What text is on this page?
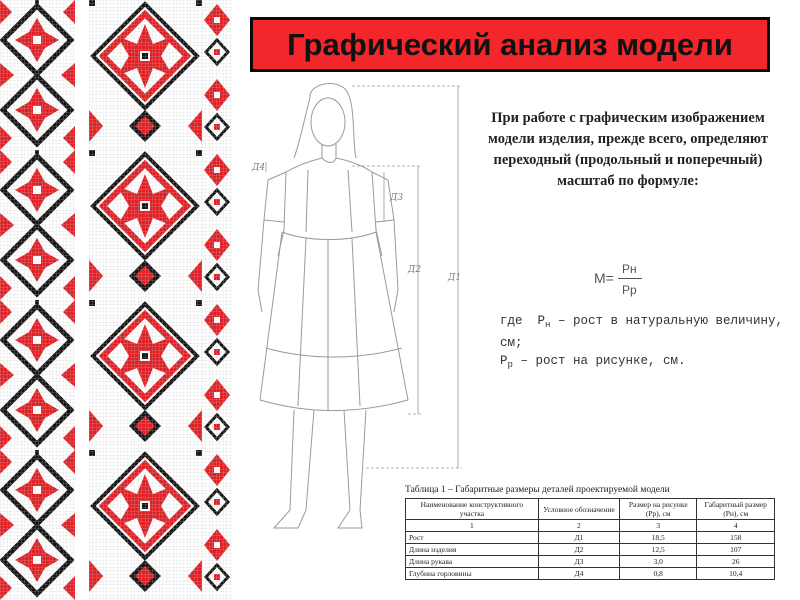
Графический анализ модели
Д1
Д2
Д3
Д4
При работе с графическим изображением модели изделия, прежде всего, определяют переходный (продольный и поперечный) масштаб по формуле:
М=
Рн
Рр
где $Р_н$ – рост в натуральную величину, см;
$Р_р$ – рост на рисунке, см.
Таблица 1 – Габаритные размеры деталей проектируемой модели
Наименование конструктивного участка	Условное обозначение	Размер на рисунке (Рр), см	Габаритный размер (Рн), см
1	2	3	4
Рост	Д1	18,5	158
Длина изделия	Д2	12,5	107
Длина рукава	Д3	3,0	26
Глубина горловины	Д4	0,8	10,4
